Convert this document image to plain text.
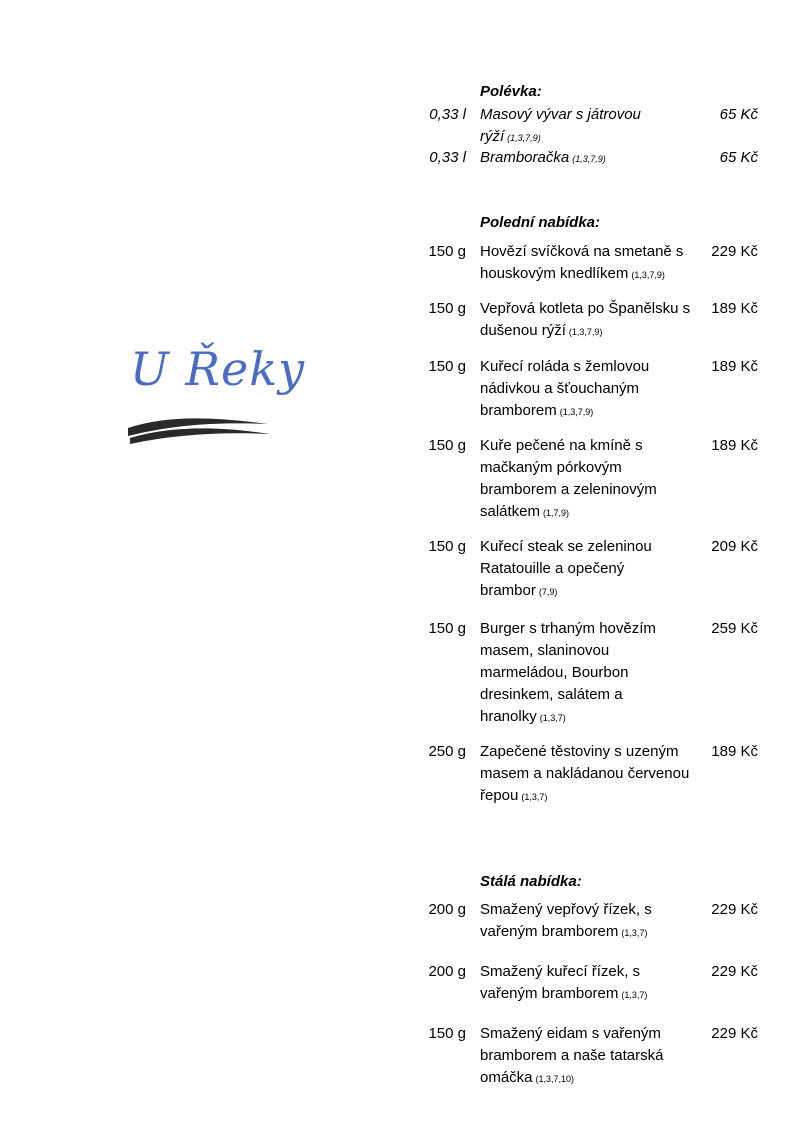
U Řeky
Polévka:
0,33 l Masový vývar s játrovou rýží (1,3,7,9)
65 Kč
0,33 l Bramboračka (1,3,7,9)	65 Kč
Polední nabídka:
150 g Hovězí svíčková na smetaně s houskovým knedlíkem (1,3,7,9)
229 Kč
150 g Vepřová kotleta po Španělsku s dušenou rýží (1,3,7,9)
189 Kč
150 g Kuřecí roláda s žemlovou nádivkou a šťouchaným bramborem (1,3,7,9)
189 Kč
150 g Kuře pečené na kmíně s mačkaným pórkovým bramborem a zeleninovým salátkem (1,7,9)
189 Kč
150 g Kuřecí steak se zeleninou Ratatouille a opečený brambor (7,9)
209 Kč
150 g Burger s trhaným hovězím masem, slaninovou marmeládou, Bourbon dresinkem, salátem a hranolky (1,3,7)
259 Kč
250 g Zapečené těstoviny s uzeným masem a nakládanou červenou řepou (1,3,7)
189 Kč
Stálá nabídka:
200 g Smažený vepřový řízek, s vařeným bramborem (1,3,7)
229 Kč
200 g Smažený kuřecí řízek, s vařeným bramborem (1,3,7)
229 Kč
150 g Smažený eidam s vařeným bramborem a naše tatarská omáčka (1,3,7,10)
229 Kč
